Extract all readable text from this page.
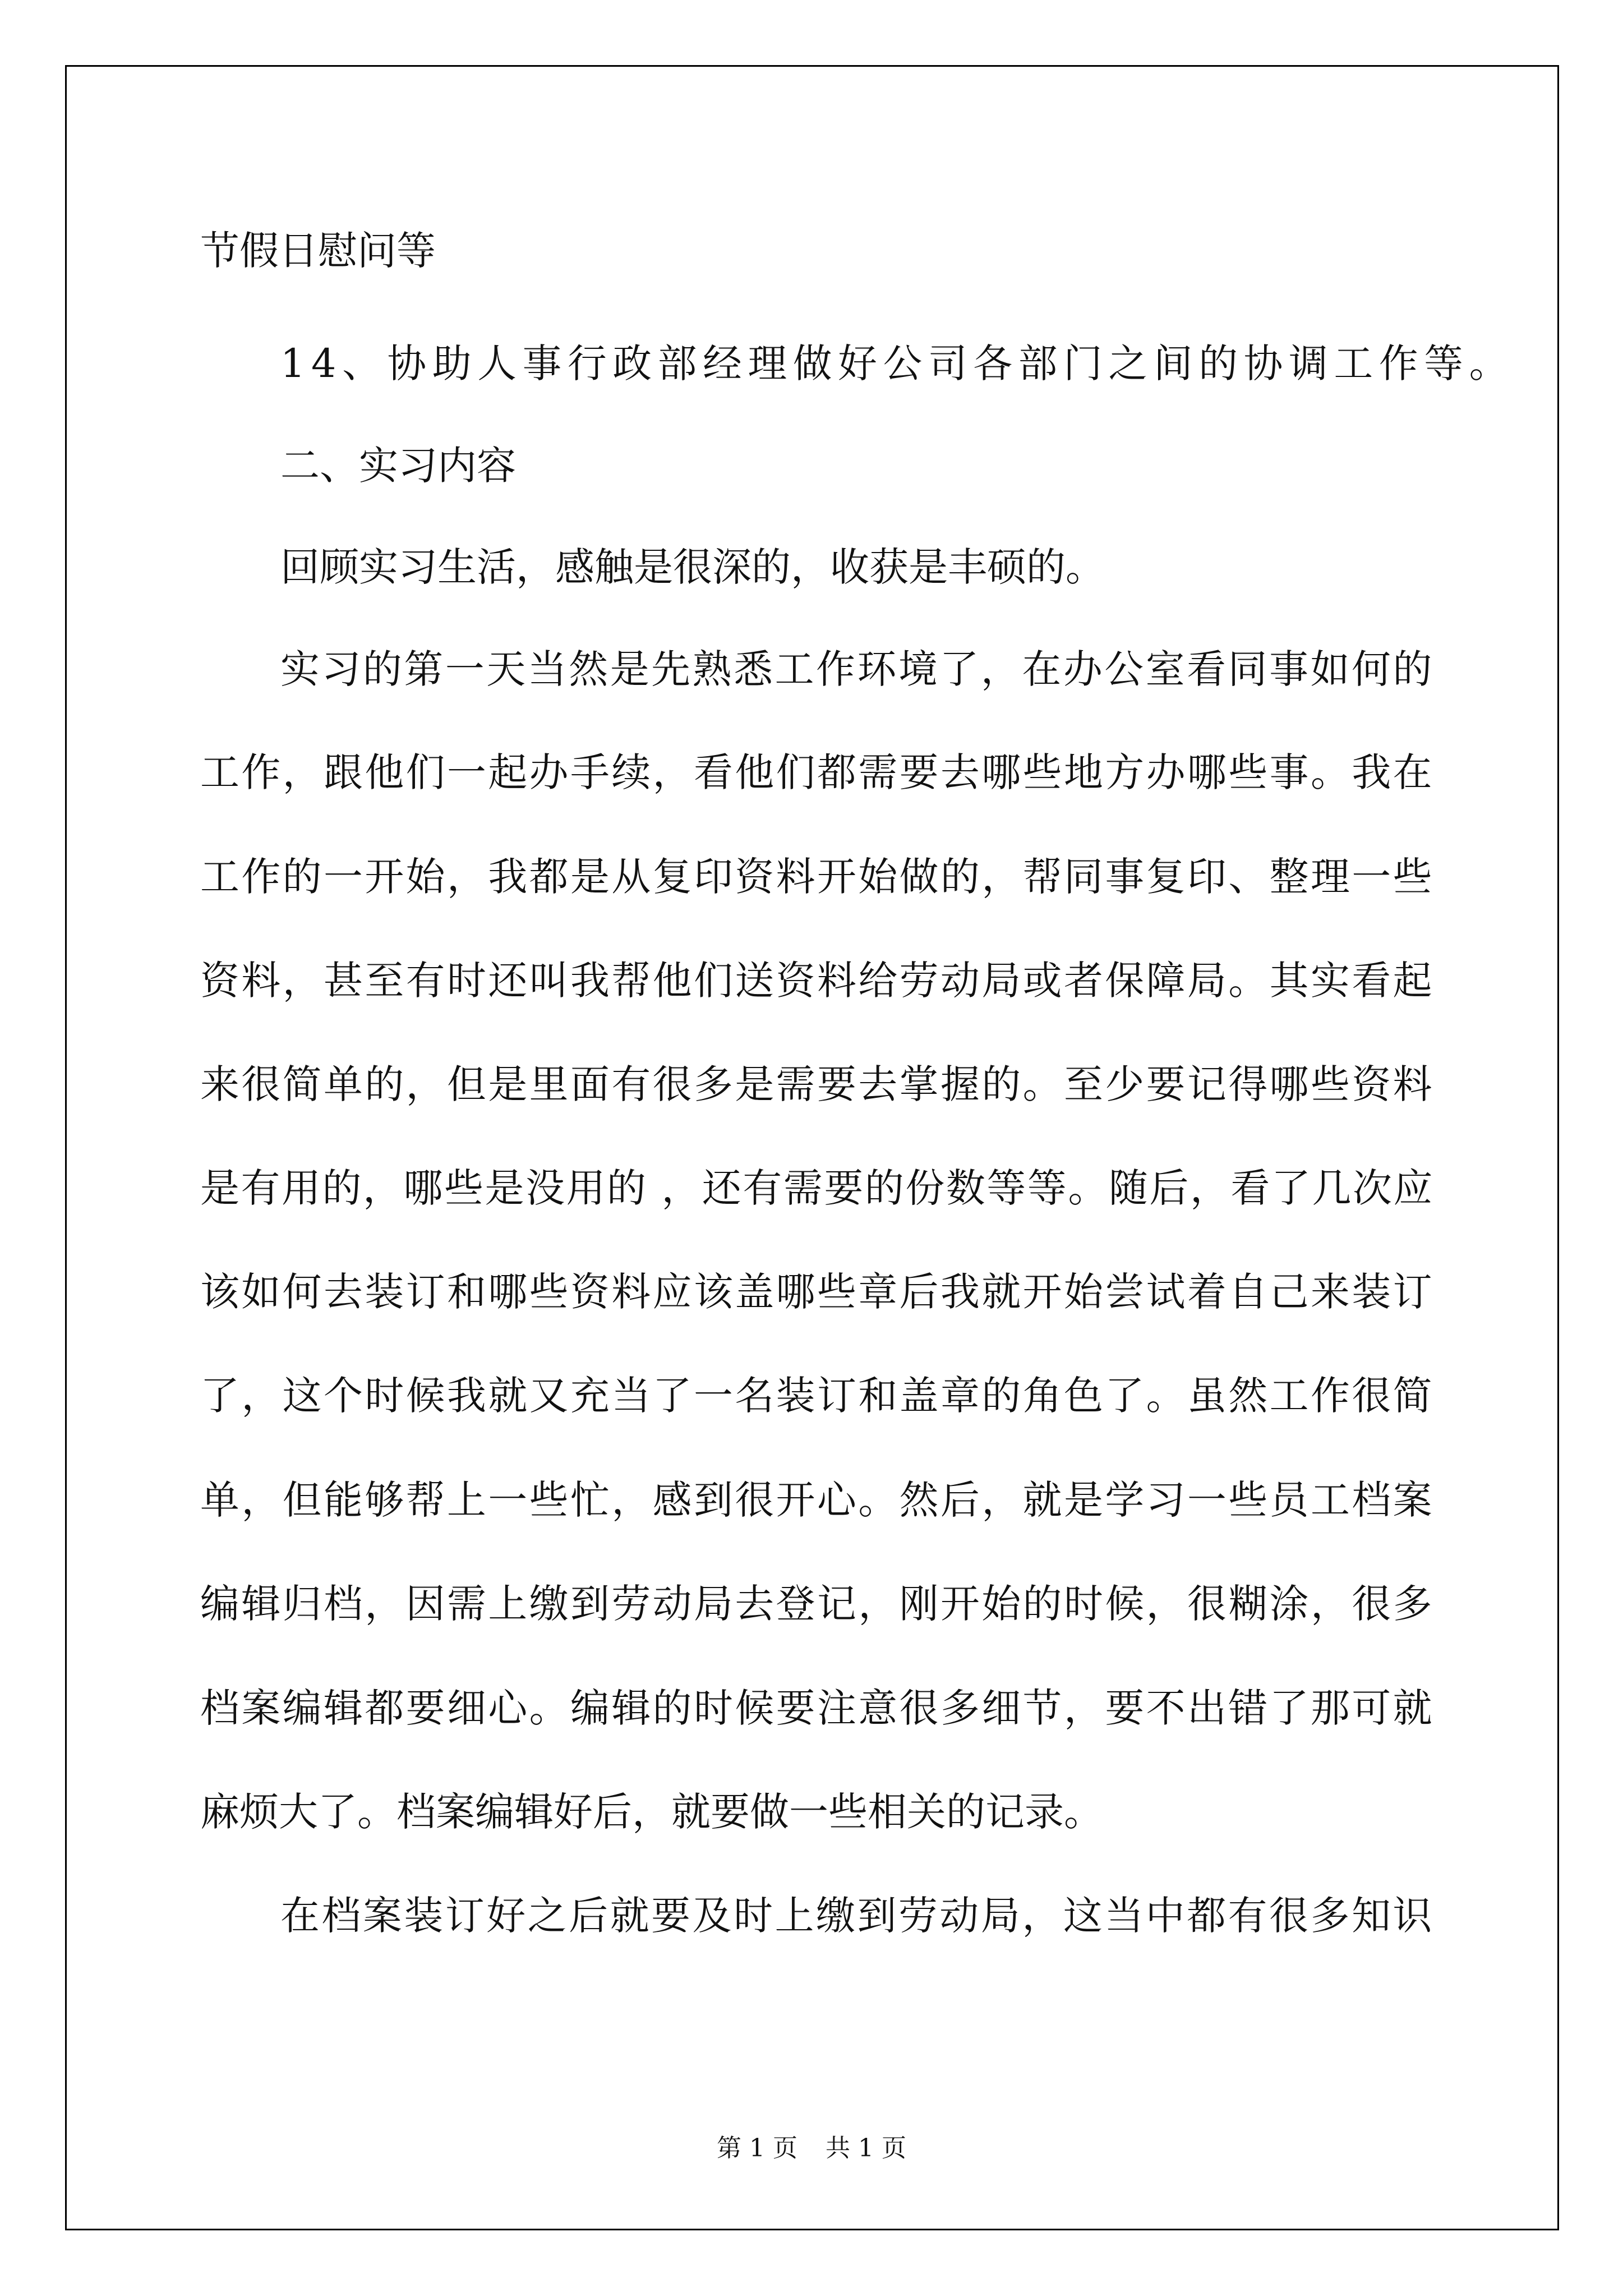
节假日慰问等
14、协助人事行政部经理做好公司各部门之间的协调工作等。
二、实习内容
回顾实习生活，感触是很深的，收获是丰硕的。
实习的第一天当然是先熟悉工作环境了，在办公室看同事如何的
工作，跟他们一起办手续，看他们都需要去哪些地方办哪些事。我在
工作的一开始，我都是从复印资料开始做的，帮同事复印、整理一些
资料，甚至有时还叫我帮他们送资料给劳动局或者保障局。其实看起
来很简单的，但是里面有很多是需要去掌握的。至少要记得哪些资料
是有用的，哪些是没用的 ，还有需要的份数等等。随后，看了几次应
该如何去装订和哪些资料应该盖哪些章后我就开始尝试着自己来装订
了，这个时候我就又充当了一名装订和盖章的角色了。虽然工作很简
单，但能够帮上一些忙，感到很开心。然后，就是学习一些员工档案
编辑归档，因需上缴到劳动局去登记，刚开始的时候，很糊涂，很多
档案编辑都要细心。编辑的时候要注意很多细节，要不出错了那可就
麻烦大了。档案编辑好后，就要做一些相关的记录。
在档案装订好之后就要及时上缴到劳动局，这当中都有很多知识
第 1 页 共 1 页
